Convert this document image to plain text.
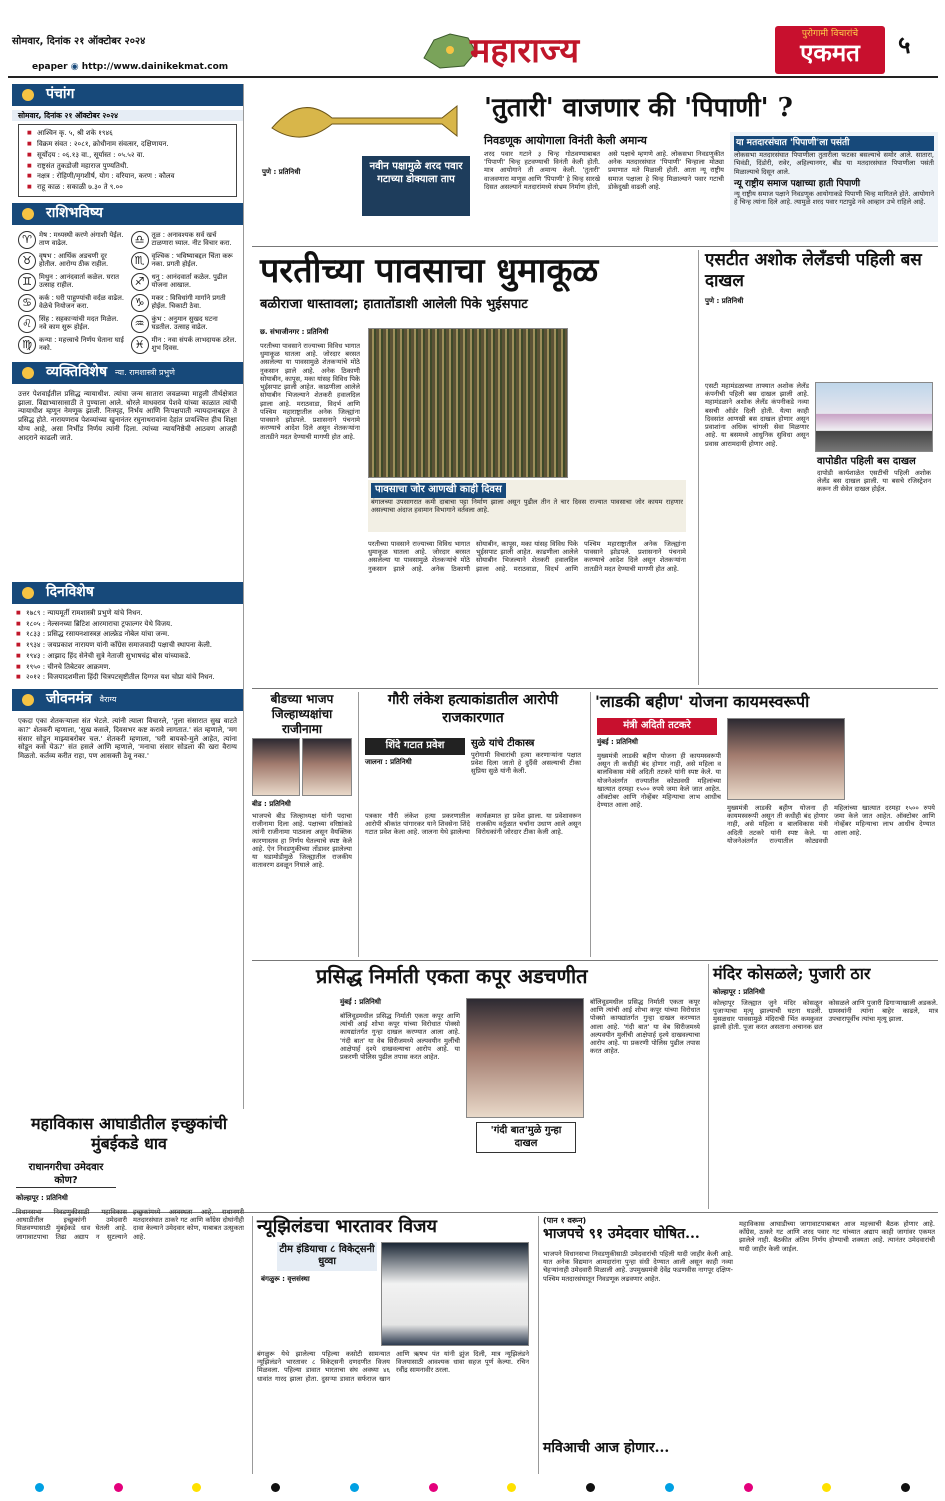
सोमवार, दिनांक २१ ऑक्टोबर २०२४
epaper ◉ http://www.dainikekmat.com	महाराज्य	पुरोगामी विचारांचे
एकमत	५
पंचांग
सोमवार, दिनांक २१ ऑक्टोबर २०२४
■ आश्विन कृ. ५, श्री शके १९४६
■ विक्रम संवत : २०८१, क्रोधीनाम संवत्सर, दक्षिणायन.
■ सूर्योदय : ०६.१३ वा., सूर्यास्त : ०५.५२ वा.
■ राष्ट्रसंत तुकडोजी महाराज पुण्यतिथी.
■ नक्षत्र : रोहिणी/मृगशीर्ष, योग : वरियान, करण : कौलव
■ राहू काळ : सकाळी ७.३० ते ९.००
राशिभविष्य
♈	मेष : मध्यस्थी करणे अंगाशी येईल. ताण वाढेल.	♎	तूळ : अनावश्यक सर्व खर्च टाळणारा घ्याल. नीट विचार करा.
♉	वृषभ : आर्थिक अडचणी दूर होतील. आरोग्य ठीक राहील.	♏	वृश्चिक : भविष्याबद्दल चिंता करू नका. प्रगती होईल.
♊	मिथुन : आनंदवार्ता कळेल. घरात उत्साह राहील.	♐	धनु : आनंदवार्ता कळेल. पुढील योजना आखाल.
♋	कर्क : घरी पाहुण्यांची वर्दळ वाढेल. वेळेचे नियोजन करा.	♑	मकर : विविधांगी मार्गाने प्रगती होईल. चिकाटी ठेवा.
♌	सिंह : सहकाऱ्यांची मदत मिळेल. नवे काम सुरू होईल.	♒	कुंभ : अनुमान सुखद घटना घडतील. उत्साह वाढेल.
♍	कन्या : महत्त्वाचे निर्णय घेताना घाई नको.	♓	मीन : नवा संपर्क लाभदायक ठरेल. शुभ दिवस.
व्यक्तिविशेष न्या. रामशास्त्री प्रभुणे
उत्तर पेशवाईतील प्रसिद्ध न्यायाधीश. त्यांचा जन्म सातारा जवळच्या माहुली तीर्थक्षेत्रात झाला. विद्याभ्यासासाठी ते पुण्याला आले. थोरले माधवराव पेशवे यांच्या काळात त्यांची न्यायाधीश म्हणून नेमणूक झाली. निःस्पृह, निर्भय आणि निःपक्षपाती न्यायदानाबद्दल ते प्रसिद्ध होते. नारायणराव पेशव्यांच्या खुनानंतर रघुनाथरावांना देहांत प्रायश्चित्त हीच शिक्षा योग्य आहे, असा निर्भीड निर्णय त्यांनी दिला. त्यांच्या न्यायनिष्ठेची आठवण आजही आदराने काढली जाते.
दिनविशेष
■ १७८९ : न्यायमूर्ती रामशास्त्री प्रभुणे यांचे निधन.
■ १८०५ : नेल्सनच्या ब्रिटिश आरमाराचा ट्रफाल्गर येथे विजय.
■ १८३३ : प्रसिद्ध रसायनशास्त्रज्ञ आल्फ्रेड नोबेल यांचा जन्म.
■ १९३४ : जयप्रकाश नारायण यांनी काँग्रेस समाजवादी पक्षाची स्थापना केली.
■ १९४३ : आझाद हिंद सेनेची सुत्रे नेताजी सुभाषचंद्र बोस यांच्याकडे.
■ १९५० : चीनचे तिबेटवर आक्रमण.
■ २०१२ : विजयादशमीला हिंदी चित्रपटसृष्टीतील दिग्गज यश चोप्रा यांचे निधन.
जीवनमंत्र वैराग्य
एकदा एका शेतकऱ्याला संत भेटले. त्यांनी त्याला विचारले, 'तुला संसारात सुख वाटते का?' शेतकरी म्हणाला, 'सुख कसले, दिवसभर कष्ट करावे लागतात.' संत म्हणाले, 'मग संसार सोडून माझ्याबरोबर चल.' शेतकरी म्हणाला, 'घरी बायको-मुले आहेत, त्यांना सोडून कसे येऊ?' संत हसले आणि म्हणाले, 'मनाचा संसार सोडला की खरा वैराग्य मिळतो. कर्तव्य करीत राहा, पण आसक्ती ठेवू नका.'
'तुतारी' वाजणार की 'पिपाणी' ?
नवीन पक्षामुळे शरद पवार गटाच्या डोक्याला ताप
पुणे : प्रतिनिधी
निवडणूक आयोगाला विनंती केली अमान्य
शरद पवार गटाने ३ चिन्ह गोठवण्याबाबत 'पिपाणी' चिन्ह हटवण्याची विनंती केली होती. मात्र आयोगाने ती अमान्य केली. 'तुतारी' वाजवणारा माणूस आणि 'पिपाणी' हे चिन्ह सारखे दिसत असल्याने मतदारांमध्ये संभ्रम निर्माण होतो, असे पक्षाचे म्हणणे आहे. लोकसभा निवडणुकीत अनेक मतदारसंघात 'पिपाणी' चिन्हाला मोठ्या प्रमाणात मते मिळाली होती. आता न्यू राष्ट्रीय समाज पक्षाला हे चिन्ह मिळाल्याने पवार गटाची डोकेदुखी वाढली आहे.
या मतदारसंघात 'पिपाणी'ला पसंती
लोकसभा मतदारसंघात पिपाणीला तुतारीला फटका बसल्याचे समोर आले. सातारा, भिवंडी, दिंडोरी, रावेर, अहिल्यानगर, बीड या मतदारसंघात पिपाणीला पसंती मिळाल्याचे दिसून आले.
न्यू राष्ट्रीय समाज पक्षाच्या हाती पिपाणी
न्यू राष्ट्रीय समाज पक्षाने निवडणूक आयोगाकडे पिपाणी चिन्ह मागितले होते. आयोगाने हे चिन्ह त्यांना दिले आहे. त्यामुळे शरद पवार गटापुढे नवे आव्हान उभे राहिले आहे.
परतीच्या पावसाचा धुमाकूळ
बळीराजा धास्तावला; हातातोंडाशी आलेली पिके भुईसपाट
छ. संभाजीनगर : प्रतिनिधी
परतीच्या पावसाने राज्याच्या विविध भागात धुमाकूळ घातला आहे. जोरदार बरसत असलेल्या या पावसामुळे शेतकऱ्यांचे मोठे नुकसान झाले आहे. अनेक ठिकाणी सोयाबीन, कापूस, मका यांसह विविध पिके भुईसपाट झाली आहेत. काढणीला आलेले सोयाबीन भिजल्याने शेतकरी हवालदिल झाला आहे. मराठवाडा, विदर्भ आणि पश्चिम महाराष्ट्रातील अनेक जिल्ह्यांना पावसाने झोडपले. प्रशासनाने पंचनामे करण्याचे आदेश दिले असून शेतकऱ्यांना तातडीने मदत देण्याची मागणी होत आहे.
पावसाचा जोर आणखी काही दिवस
बंगालच्या उपसागरात कमी दाबाचा पट्टा निर्माण झाला असून पुढील तीन ते चार दिवस राज्यात पावसाचा जोर कायम राहणार असल्याचा अंदाज हवामान विभागाने वर्तवला आहे.
परतीच्या पावसाने राज्याच्या विविध भागात धुमाकूळ घातला आहे. जोरदार बरसत असलेल्या या पावसामुळे शेतकऱ्यांचे मोठे नुकसान झाले आहे. अनेक ठिकाणी सोयाबीन, कापूस, मका यांसह विविध पिके भुईसपाट झाली आहेत. काढणीला आलेले सोयाबीन भिजल्याने शेतकरी हवालदिल झाला आहे. मराठवाडा, विदर्भ आणि पश्चिम महाराष्ट्रातील अनेक जिल्ह्यांना पावसाने झोडपले. प्रशासनाने पंचनामे करण्याचे आदेश दिले असून शेतकऱ्यांना तातडीने मदत देण्याची मागणी होत आहे.
एसटीत अशोक लेलँडची पहिली बस दाखल
पुणे : प्रतिनिधी
वापोडीत पहिली बस दाखल
दापोडी कार्यशाळेत एसटीची पहिली अशोक लेलँड बस दाखल झाली. या बसचे रजिस्ट्रेशन करून ती सेवेत दाखल होईल.
एसटी महामंडळाच्या ताफ्यात अशोक लेलँड कंपनीची पहिली बस दाखल झाली आहे. महामंडळाने अशोक लेलँड कंपनीकडे नव्या बसची ऑर्डर दिली होती. येत्या काही दिवसांत आणखी बस दाखल होणार असून प्रवाशांना अधिक चांगली सेवा मिळणार आहे. या बसमध्ये आधुनिक सुविधा असून प्रवास आरामदायी होणार आहे.
बीडच्या भाजप जिल्हाध्यक्षांचा राजीनामा
बीड : प्रतिनिधी
भाजपचे बीड जिल्हाध्यक्ष यांनी पदाचा राजीनामा दिला आहे. पक्षाच्या वरिष्ठांकडे त्यांनी राजीनामा पाठवला असून वैयक्तिक कारणास्तव हा निर्णय घेतल्याचे स्पष्ट केले आहे. ऐन निवडणुकीच्या तोंडावर झालेल्या या घडामोडीमुळे जिल्ह्यातील राजकीय वातावरण ढवळून निघाले आहे.
गौरी लंकेश हत्याकांडातील आरोपी राजकारणात
शिंदे गटात प्रवेश
जालना : प्रतिनिधी
सुळे यांचे टीकास्त्र
पुरोगामी विचारांची हत्या करणाऱ्यांना पक्षात प्रवेश दिला जातो हे दुर्दैवी असल्याची टीका सुप्रिया सुळे यांनी केली.
पत्रकार गौरी लंकेश हत्या प्रकरणातील आरोपी श्रीकांत पांगारकर याने शिवसेना शिंदे गटात प्रवेश केला आहे. जालना येथे झालेल्या कार्यक्रमात हा प्रवेश झाला. या प्रवेशावरून राजकीय वर्तुळात चर्चांना उधाण आले असून विरोधकांनी जोरदार टीका केली आहे.
'लाडकी बहीण' योजना कायमस्वरूपी
मंत्री अदिती तटकरे
मुंबई : प्रतिनिधी
मुख्यमंत्री लाडकी बहीण योजना ही कायमस्वरूपी असून ती कधीही बंद होणार नाही, असे महिला व बालविकास मंत्री अदिती तटकरे यांनी स्पष्ट केले. या योजनेअंतर्गत राज्यातील कोट्यवधी महिलांच्या खात्यात दरमहा १५०० रुपये जमा केले जात आहेत. ऑक्टोबर आणि नोव्हेंबर महिन्याचा लाभ आधीच देण्यात आला आहे.	मुख्यमंत्री लाडकी बहीण योजना ही कायमस्वरूपी असून ती कधीही बंद होणार नाही, असे महिला व बालविकास मंत्री अदिती तटकरे यांनी स्पष्ट केले. या योजनेअंतर्गत राज्यातील कोट्यवधी महिलांच्या खात्यात दरमहा १५०० रुपये जमा केले जात आहेत. ऑक्टोबर आणि नोव्हेंबर महिन्याचा लाभ आधीच देण्यात आला आहे.
प्रसिद्ध निर्माती एकता कपूर अडचणीत
मुंबई : प्रतिनिधी
बॉलिवूडमधील प्रसिद्ध निर्माती एकता कपूर आणि त्यांची आई शोभा कपूर यांच्या विरोधात पोक्सो कायद्यांतर्गत गुन्हा दाखल करण्यात आला आहे. 'गंदी बात' या वेब सिरीजमध्ये अल्पवयीन मुलींची आक्षेपार्ह दृश्ये दाखवल्याचा आरोप आहे. या प्रकरणी पोलिस पुढील तपास करत आहेत.
'गंदी बात'मुळे गुन्हा दाखल
बॉलिवूडमधील प्रसिद्ध निर्माती एकता कपूर आणि त्यांची आई शोभा कपूर यांच्या विरोधात पोक्सो कायद्यांतर्गत गुन्हा दाखल करण्यात आला आहे. 'गंदी बात' या वेब सिरीजमध्ये अल्पवयीन मुलींची आक्षेपार्ह दृश्ये दाखवल्याचा आरोप आहे. या प्रकरणी पोलिस पुढील तपास करत आहेत.
मंदिर कोसळले; पुजारी ठार
कोल्हापूर : प्रतिनिधी
कोल्हापूर जिल्ह्यात जुने मंदिर कोसळून पुजाऱ्याचा मृत्यू झाल्याची घटना घडली. मुसळधार पावसामुळे मंदिराची भिंत कमकुवत झाली होती. पूजा करत असताना अचानक छत कोसळले आणि पुजारी ढिगाऱ्याखाली अडकले. ग्रामस्थांनी त्यांना बाहेर काढले, मात्र उपचारापूर्वीच त्यांचा मृत्यू झाला.
महाविकास आघाडीतील इच्छुकांची मुंबईकडे धाव
राधानगरीचा उमेदवार कोण?
कोल्हापूर : प्रतिनिधी
विधानसभा निवडणुकीसाठी महाविकास आघाडीतील इच्छुकांनी उमेदवारी मिळवण्यासाठी मुंबईकडे धाव घेतली आहे. जागावाटपाचा तिढा अद्याप न सुटल्याने इच्छुकांमध्ये अस्वस्थता आहे. राधानगरी मतदारसंघात ठाकरे गट आणि काँग्रेस दोघांनीही दावा केल्याने उमेदवार कोण, याबाबत उत्सुकता आहे.	न्यूझिलंडचा भारतावर विजय
टीम इंडियाचा ८ विकेट्सनी धुव्वा
बंगळुरू : वृत्तसंस्था
बंगळुरू येथे झालेल्या पहिल्या कसोटी सामन्यात न्यूझिलंडने भारतावर ८ विकेट्सनी दणदणीत विजय मिळवला. पहिल्या डावात भारताचा संघ अवघ्या ४६ धावांत गारद झाला होता. दुसऱ्या डावात सर्फराज खान आणि ऋषभ पंत यांनी झुंज दिली, मात्र न्यूझिलंडने विजयासाठी आवश्यक धावा सहज पूर्ण केल्या. रचिन रवींद्र सामनावीर ठरला.
(पान १ वरून)
भाजपचे ९१ उमेदवार घोषित...
भाजपने विधानसभा निवडणुकीसाठी उमेदवारांची पहिली यादी जाहीर केली आहे. यात अनेक विद्यमान आमदारांना पुन्हा संधी देण्यात आली असून काही नव्या चेहऱ्यांनाही उमेदवारी मिळाली आहे. उपमुख्यमंत्री देवेंद्र फडणवीस नागपूर दक्षिण-पश्चिम मतदारसंघातून निवडणूक लढवणार आहेत.
मविआची आज होणार...
महाविकास आघाडीच्या जागावाटपाबाबत आज महत्त्वाची बैठक होणार आहे. काँग्रेस, ठाकरे गट आणि शरद पवार गट यांच्यात अद्याप काही जागांवर एकमत झालेले नाही. बैठकीत अंतिम निर्णय होण्याची शक्यता आहे. त्यानंतर उमेदवारांची यादी जाहीर केली जाईल.
